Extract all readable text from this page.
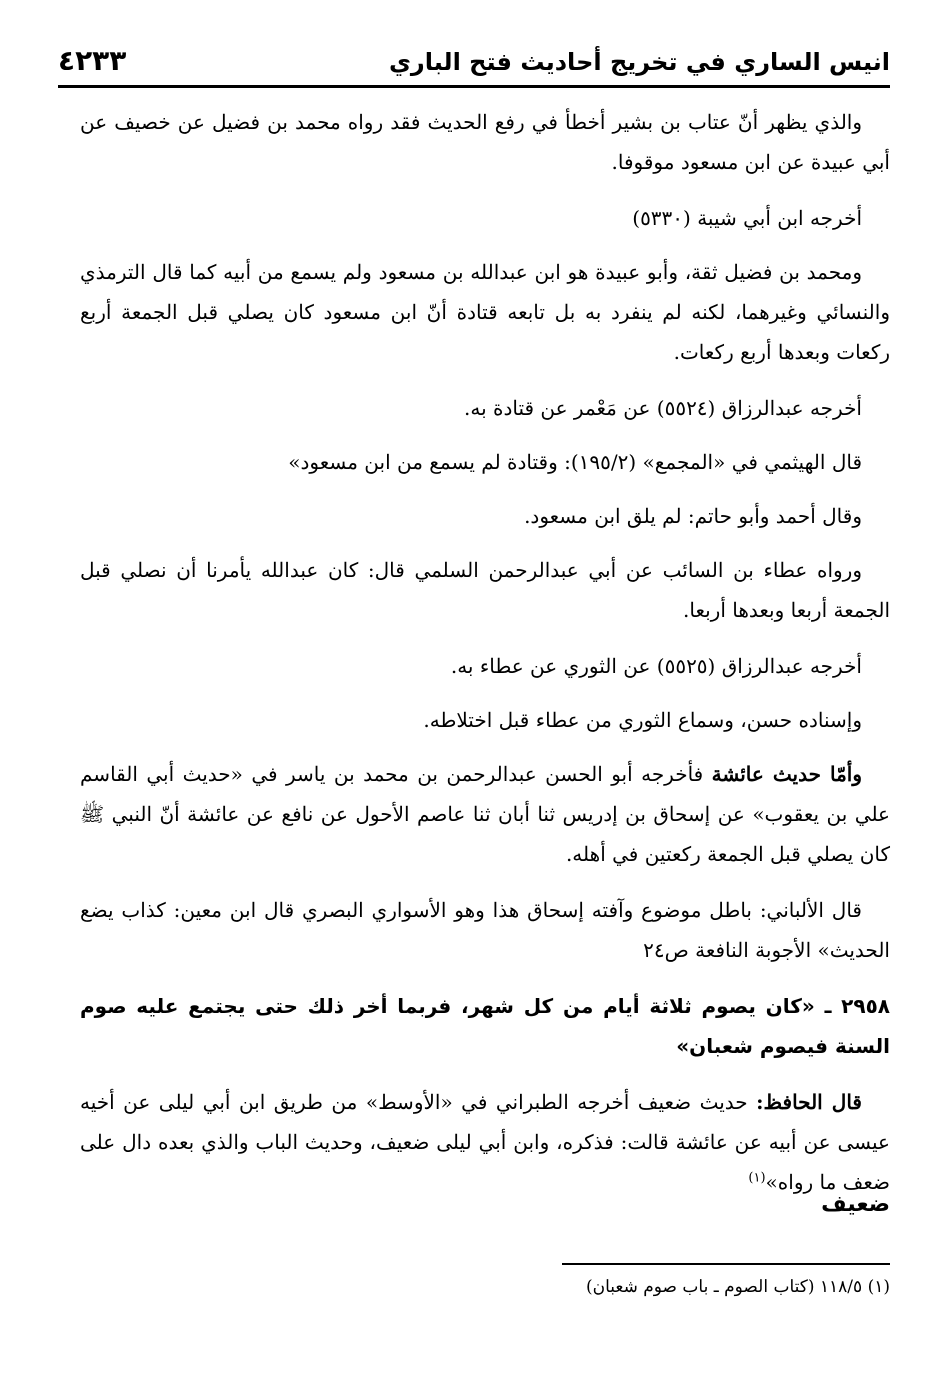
انيس الساري في تخريج أحاديث فتح الباري
٤٢٣٣

والذي يظهر أنّ عتاب بن بشير أخطأ في رفع الحديث فقد رواه محمد بن فضيل عن خصيف عن أبي عبيدة عن ابن مسعود موقوفا.

أخرجه ابن أبي شيبة (٥٣٣٠)

ومحمد بن فضيل ثقة، وأبو عبيدة هو ابن عبدالله بن مسعود ولم يسمع من أبيه كما قال الترمذي والنسائي وغيرهما، لكنه لم ينفرد به بل تابعه قتادة أنّ ابن مسعود كان يصلي قبل الجمعة أربع ركعات وبعدها أربع ركعات.

أخرجه عبدالرزاق (٥٥٢٤) عن مَعْمر عن قتادة به.

قال الهيثمي في «المجمع» (١٩٥/٢): وقتادة لم يسمع من ابن مسعود»

وقال أحمد وأبو حاتم: لم يلق ابن مسعود.

ورواه عطاء بن السائب عن أبي عبدالرحمن السلمي قال: كان عبدالله يأمرنا أن نصلي قبل الجمعة أربعا وبعدها أربعا.

أخرجه عبدالرزاق (٥٥٢٥) عن الثوري عن عطاء به.

وإسناده حسن، وسماع الثوري من عطاء قبل اختلاطه.

وأمّا حديث عائشة فأخرجه أبو الحسن عبدالرحمن بن محمد بن ياسر في «حديث أبي القاسم علي بن يعقوب» عن إسحاق بن إدريس ثنا أبان ثنا عاصم الأحول عن نافع عن عائشة أنّ النبي ﷺ كان يصلي قبل الجمعة ركعتين في أهله.

قال الألباني: باطل موضوع وآفته إسحاق هذا وهو الأسواري البصري قال ابن معين: كذاب يضع الحديث» الأجوبة النافعة ص٢٤

٢٩٥٨ ـ «كان يصوم ثلاثة أيام من كل شهر، فربما أخر ذلك حتى يجتمع عليه صوم السنة فيصوم شعبان»

قال الحافظ: حديث ضعيف أخرجه الطبراني في «الأوسط» من طريق ابن أبي ليلى عن أخيه عيسى عن أبيه عن عائشة قالت: فذكره، وابن أبي ليلى ضعيف، وحديث الباب والذي بعده دال على ضعف ما رواه»$^{(١)}$

ضعيف
(١) ١١٨/٥ (كتاب الصوم ـ باب صوم شعبان)
